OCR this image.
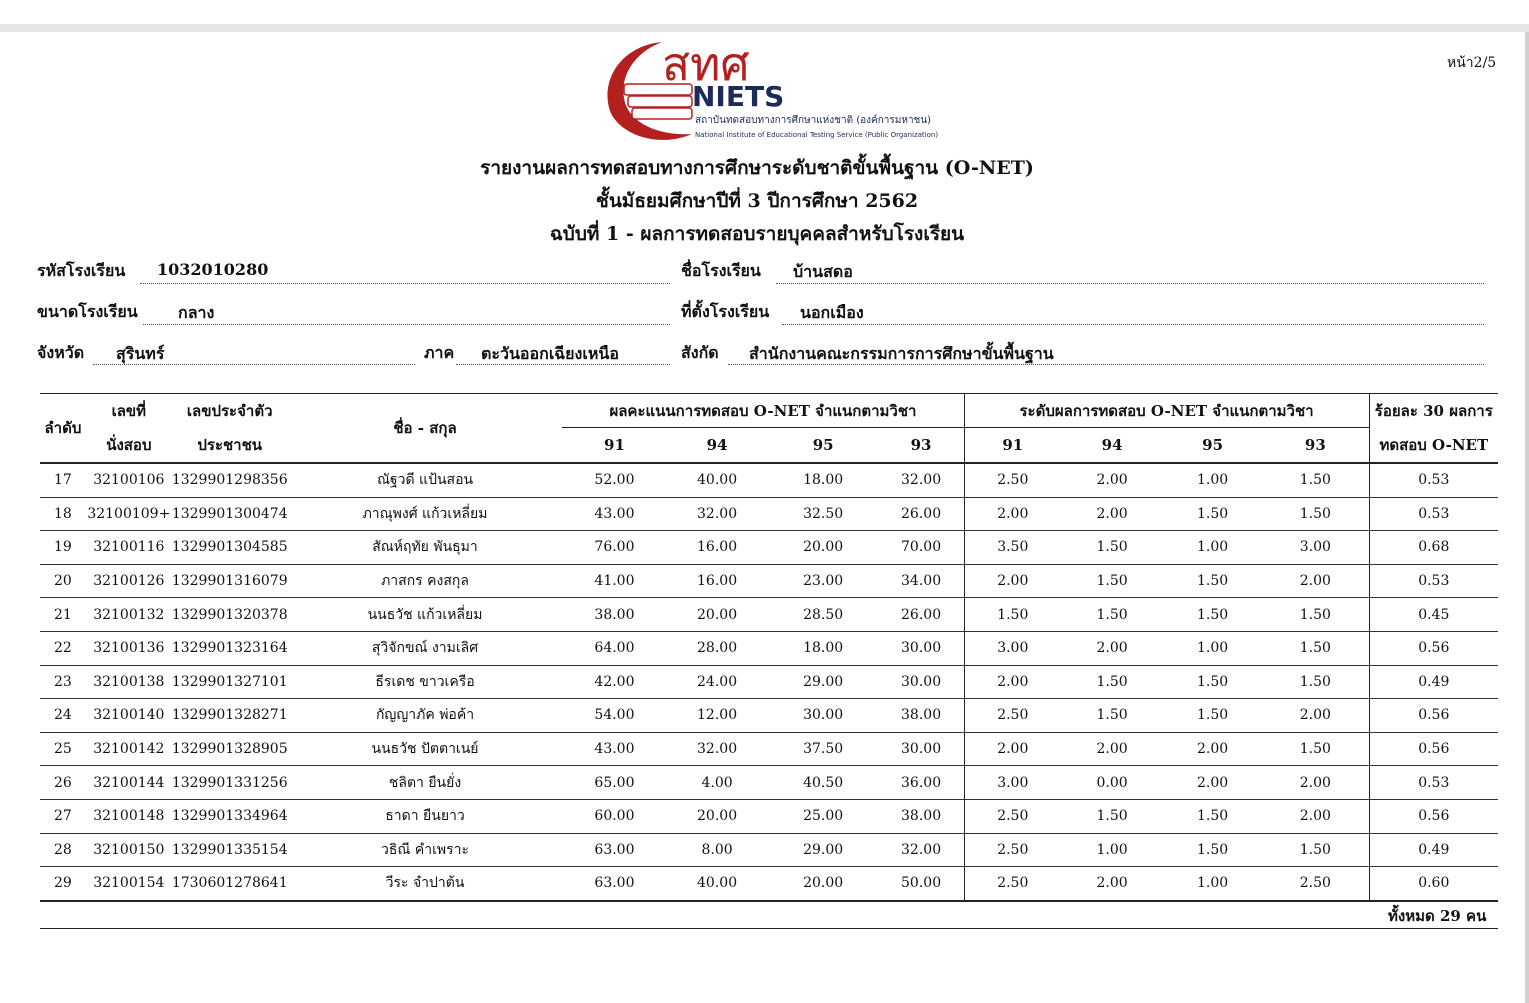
สทศ
NIETS
สถาบันทดสอบทางการศึกษาแห่งชาติ (องค์การมหาชน)
National Institute of Educational Testing Service (Public Organization)
หน้า2/5
รายงานผลการทดสอบทางการศึกษาระดับชาติขั้นพื้นฐาน (O-NET)
ชั้นมัธยมศึกษาปีที่ 3 ปีการศึกษา 2562
ฉบับที่ 1 - ผลการทดสอบรายบุคคลสำหรับโรงเรียน
รหัสโรงเรียน 1032010280	ชื่อโรงเรียน บ้านสดอ
ขนาดโรงเรียน	กลาง	ที่ตั้งโรงเรียน นอกเมือง
จังหวัด สุรินทร์	ภาค ตะวันออกเฉียงเหนือ	สังกัด สำนักงานคณะกรรมการการศึกษาขั้นพื้นฐาน
ลำดับ	เลขที่	เลขประจำตัว	ชื่อ - สกุล	ผลคะแนนการทดสอบ O-NET จำแนกตามวิชา				ระดับผลการทดสอบ O-NET จำแนกตามวิชา				ร้อยละ 30 ผลการ
	นั่งสอบ	ประชาชน		91	94	95	93	91	94	95	93	ทดสอบ O-NET
17	32100106	1329901298356	ณัฐวดี แป้นสอน	52.00	40.00	18.00	32.00	2.50	2.00	1.00	1.50	0.53
18	32100109+	1329901300474	ภาณุพงศ์ แก้วเหลี่ยม	43.00	32.00	32.50	26.00	2.00	2.00	1.50	1.50	0.53
19	32100116	1329901304585	สัณห์ฤทัย พันธุมา	76.00	16.00	20.00	70.00	3.50	1.50	1.00	3.00	0.68
20	32100126	1329901316079	ภาสกร คงสกุล	41.00	16.00	23.00	34.00	2.00	1.50	1.50	2.00	0.53
21	32100132	1329901320378	นนธวัช แก้วเหลี่ยม	38.00	20.00	28.50	26.00	1.50	1.50	1.50	1.50	0.45
22	32100136	1329901323164	สุวิจักขณ์ งามเลิศ	64.00	28.00	18.00	30.00	3.00	2.00	1.00	1.50	0.56
23	32100138	1329901327101	ธีรเดช ขาวเครือ	42.00	24.00	29.00	30.00	2.00	1.50	1.50	1.50	0.49
24	32100140	1329901328271	กัญญาภัค พ่อค้า	54.00	12.00	30.00	38.00	2.50	1.50	1.50	2.00	0.56
25	32100142	1329901328905	นนธวัช ปัตตาเนย์	43.00	32.00	37.50	30.00	2.00	2.00	2.00	1.50	0.56
26	32100144	1329901331256	ชลิตา ยืนยั่ง	65.00	4.00	40.50	36.00	3.00	0.00	2.00	2.00	0.53
27	32100148	1329901334964	ธาดา ยืนยาว	60.00	20.00	25.00	38.00	2.50	1.50	1.50	2.00	0.56
28	32100150	1329901335154	วธิณี คำเพราะ	63.00	8.00	29.00	32.00	2.50	1.00	1.50	1.50	0.49
29	32100154	1730601278641	วีระ จำปาต้น	63.00	40.00	20.00	50.00	2.50	2.00	1.00	2.50	0.60
ทั้งหมด 29 คน
